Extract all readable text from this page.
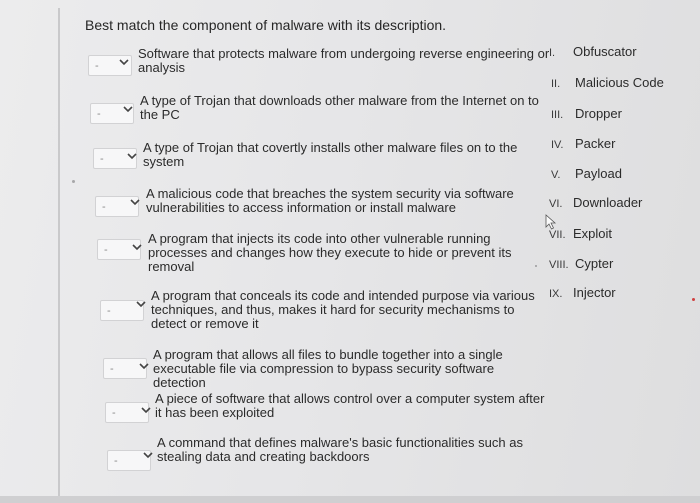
Best match the component of malware with its description.
-
Software that protects malware from undergoing reverse engineering or analysis
-
A type of Trojan that downloads other malware from the Internet on to the PC
-
A type of Trojan that covertly installs other malware files on to the system
-
A malicious code that breaches the system security via software vulnerabilities to access information or install malware
-
A program that injects its code into other vulnerable running processes and changes how they execute to hide or prevent its removal
-
A program that conceals its code and intended purpose via various techniques, and thus, makes it hard for security mechanisms to detect or remove it
-
A program that allows all files to bundle together into a single executable file via compression to bypass security software detection
-
A piece of software that allows control over a computer system after it has been exploited
-
A command that defines malware's basic functionalities such as stealing data and creating backdoors
I. Obfuscator
II. Malicious Code
III. Dropper
IV. Packer
V. Payload
VI. Downloader
VII. Exploit
VIII. Cypter
IX. Injector
